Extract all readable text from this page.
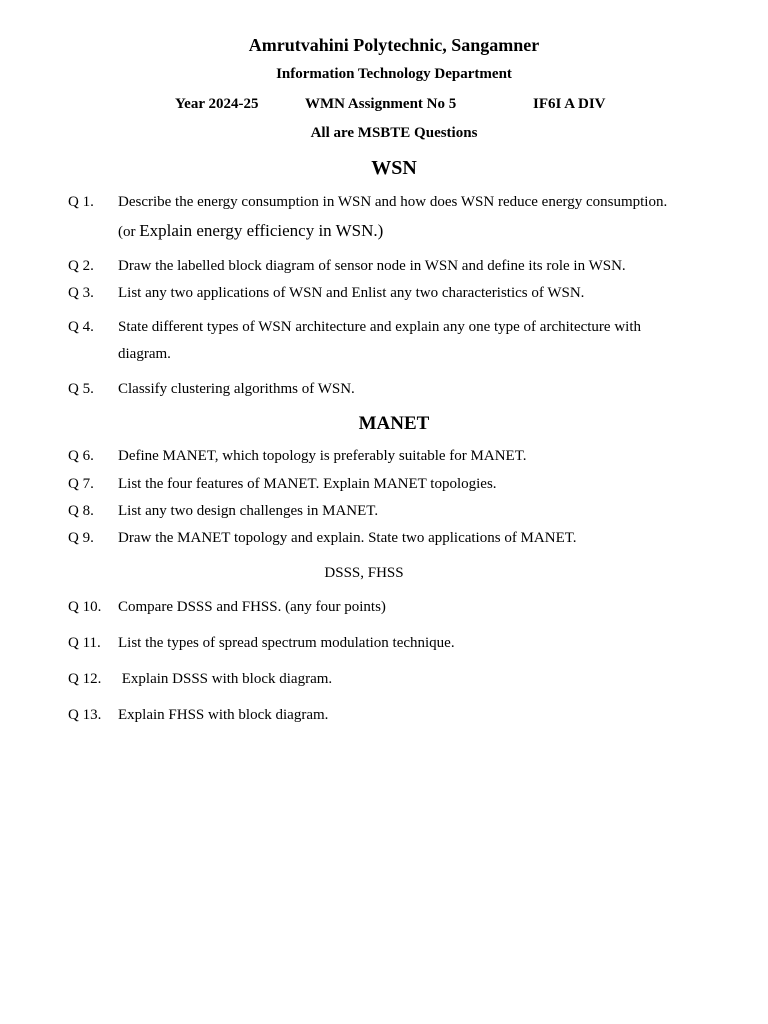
Amrutvahini Polytechnic, Sangamner
Information Technology Department
Year 2024-25	WMN Assignment No 5	IF6I A DIV
All are MSBTE Questions
WSN
Q 1. Describe the energy consumption in WSN and how does WSN reduce energy consumption.
(or Explain energy efficiency in WSN.)
Q 2. Draw the labelled block diagram of sensor node in WSN and define its role in WSN.
Q 3. List any two applications of WSN and Enlist any two characteristics of WSN.
Q 4. State different types of WSN architecture and explain any one type of architecture with
diagram.
Q 5. Classify clustering algorithms of WSN.
MANET
Q 6. Define MANET, which topology is preferably suitable for MANET.
Q 7. List the four features of MANET. Explain MANET topologies.
Q 8. List any two design challenges in MANET.
Q 9. Draw the MANET topology and explain. State two applications of MANET.
DSSS, FHSS
Q 10. Compare DSSS and FHSS. (any four points)
Q 11. List the types of spread spectrum modulation technique.
Q 12. Explain DSSS with block diagram.
Q 13. Explain FHSS with block diagram.
